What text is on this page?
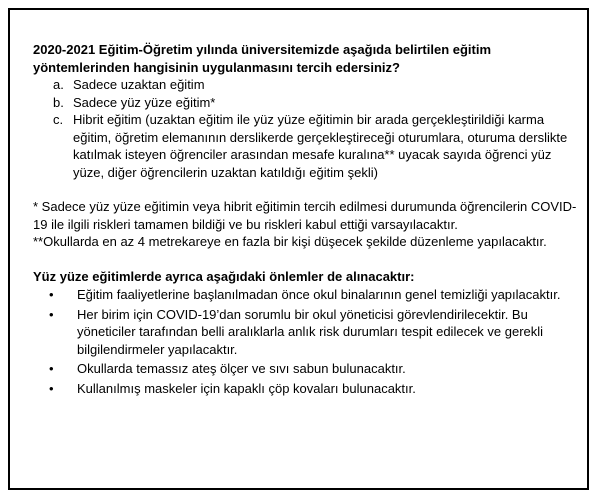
2020-2021 Eğitim-Öğretim yılında üniversitemizde aşağıda belirtilen eğitim
yöntemlerinden hangisinin uygulanmasını tercih edersiniz?

a. Sadece uzaktan eğitim
b. Sadece yüz yüze eğitim*
c. Hibrit eğitim (uzaktan eğitim ile yüz yüze eğitimin bir arada gerçekleştirildiği karma eğitim, öğretim elemanının derslikerde gerçekleştireceği oturumlara, oturuma derslikte katılmak isteyen öğrenciler arasından mesafe kuralına** uyacak sayıda öğrenci yüz yüze, diğer öğrencilerin uzaktan katıldığı eğitim şekli)

* Sadece yüz yüze eğitimin veya hibrit eğitimin tercih edilmesi durumunda öğrencilerin COVID-19 ile ilgili riskleri tamamen bildiği ve bu riskleri kabul ettiği varsayılacaktır.

**Okullarda en az 4 metrekareye en fazla bir kişi düşecek şekilde düzenleme yapılacaktır.

Yüz yüze eğitimlerde ayrıca aşağıdaki önlemler de alınacaktır:

• Eğitim faaliyetlerine başlanılmadan önce okul binalarının genel temizliği yapılacaktır.
• Her birim için COVID-19’dan sorumlu bir okul yöneticisi görevlendirilecektir. Bu yöneticiler tarafından belli aralıklarla anlık risk durumları tespit edilecek ve gerekli bilgilendirmeler yapılacaktır.
• Okullarda temassız ateş ölçer ve sıvı sabun bulunacaktır.
• Kullanılmış maskeler için kapaklı çöp kovaları bulunacaktır.
